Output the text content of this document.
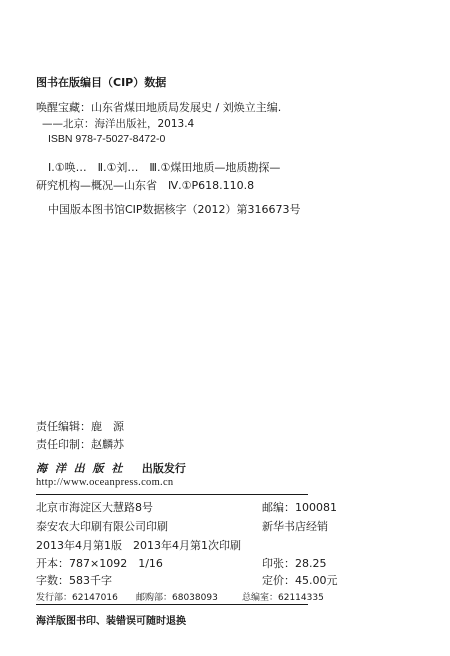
图书在版编目（CIP）数据
唤醒宝藏：山东省煤田地质局发展史 / 刘焕立主编.
——北京：海洋出版社，2013.4
ISBN 978-7-5027-8472-0
Ⅰ.①唤…　Ⅱ.①刘…　Ⅲ.①煤田地质—地质勘探—
研究机构—概况—山东省　Ⅳ.①P618.110.8
中国版本图书馆CIP数据核字（2012）第316673号
责任编辑：鹿　源
责任印制：赵麟苏
海 洋 出 版 社 出版发行
http://www.oceanpress.com.cn
北京市海淀区大慧路8号	邮编：100081
泰安农大印刷有限公司印刷	新华书店经销
2013年4月第1版　2013年4月第1次印刷
开本：787×1092　1/16	印张：28.25
字数：583千字	定价：45.00元
发行部：62147016 邮购部：68038093	总编室：62114335
海洋版图书印、装错误可随时退换
